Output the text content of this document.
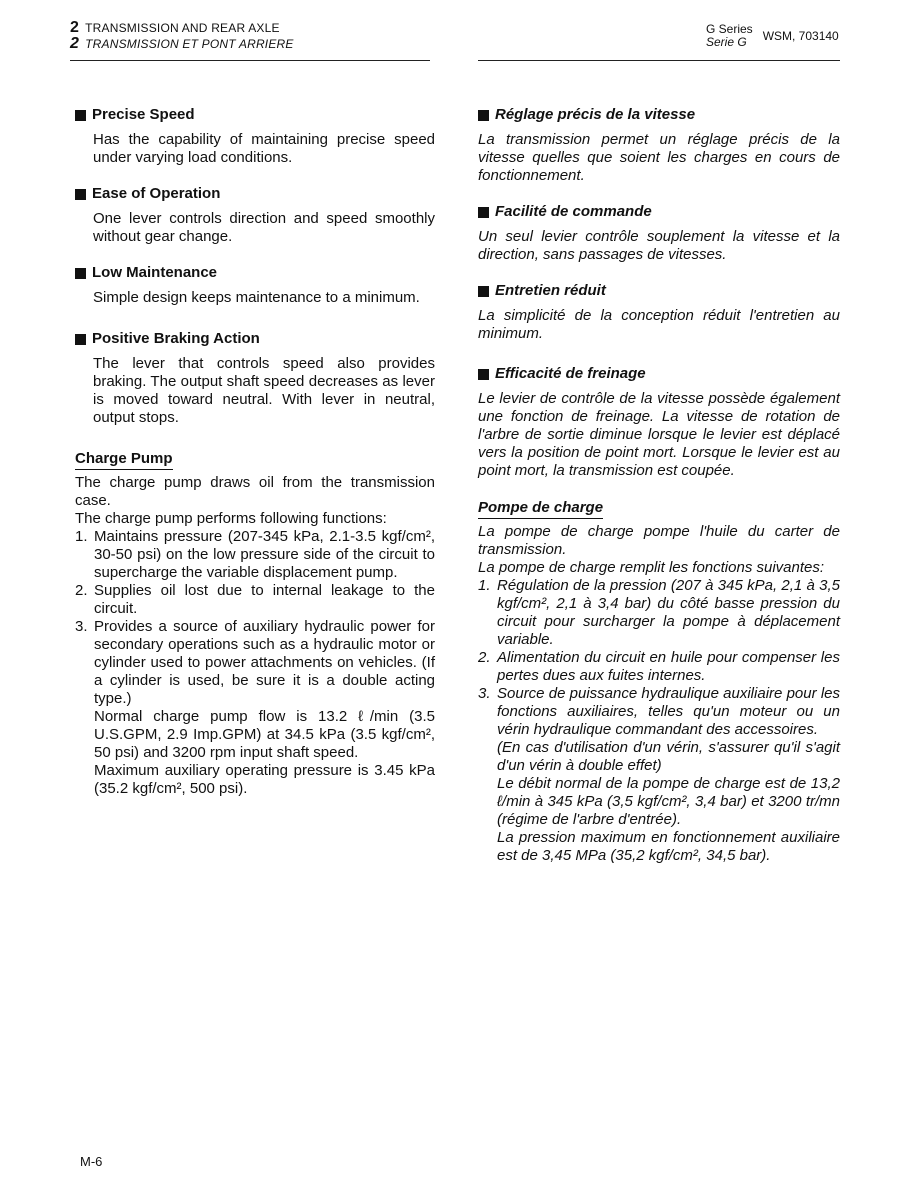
2 TRANSMISSION AND REAR AXLE
2 TRANSMISSION ET PONT ARRIERE
G Series
Serie G	WSM, 703140
Precise Speed
Has the capability of maintaining precise speed under varying load conditions.
Ease of Operation
One lever controls direction and speed smoothly without gear change.
Low Maintenance
Simple design keeps maintenance to a minimum.
Positive Braking Action
The lever that controls speed also provides braking. The output shaft speed decreases as lever is moved toward neutral. With lever in neutral, output stops.
Charge Pump
The charge pump draws oil from the transmission case.
The charge pump performs following functions:
1. Maintains pressure (207-345 kPa, 2.1-3.5 kgf/cm², 30-50 psi) on the low pressure side of the circuit to supercharge the variable displacement pump.
2. Supplies oil lost due to internal leakage to the circuit.
3. Provides a source of auxiliary hydraulic power for secondary operations such as a hydraulic motor or cylinder used to power attachments on vehicles. (If a cylinder is used, be sure it is a double acting type.)
Normal charge pump flow is 13.2 ℓ/min (3.5 U.S.GPM, 2.9 Imp.GPM) at 34.5 kPa (3.5 kgf/cm², 50 psi) and 3200 rpm input shaft speed.
Maximum auxiliary operating pressure is 3.45 kPa (35.2 kgf/cm², 500 psi).
Réglage précis de la vitesse
La transmission permet un réglage précis de la vitesse quelles que soient les charges en cours de fonctionnement.
Facilité de commande
Un seul levier contrôle souplement la vitesse et la direction, sans passages de vitesses.
Entretien réduit
La simplicité de la conception réduit l'entretien au minimum.
Efficacité de freinage
Le levier de contrôle de la vitesse possède également une fonction de freinage. La vitesse de rotation de l'arbre de sortie diminue lorsque le levier est déplacé vers la position de point mort. Lorsque le levier est au point mort, la transmission est coupée.
Pompe de charge
La pompe de charge pompe l'huile du carter de transmission.
La pompe de charge remplit les fonctions suivantes:
1. Régulation de la pression (207 à 345 kPa, 2,1 à 3,5 kgf/cm², 2,1 à 3,4 bar) du côté basse pression du circuit pour surcharger la pompe à déplacement variable.
2. Alimentation du circuit en huile pour compenser les pertes dues aux fuites internes.
3. Source de puissance hydraulique auxiliaire pour les fonctions auxiliaires, telles qu'un moteur ou un vérin hydraulique commandant des accessoires.
(En cas d'utilisation d'un vérin, s'assurer qu'il s'agit d'un vérin à double effet)
Le débit normal de la pompe de charge est de 13,2 ℓ/min à 345 kPa (3,5 kgf/cm², 3,4 bar) et 3200 tr/mn (régime de l'arbre d'entrée).
La pression maximum en fonctionnement auxiliaire est de 3,45 MPa (35,2 kgf/cm², 34,5 bar).
M-6
